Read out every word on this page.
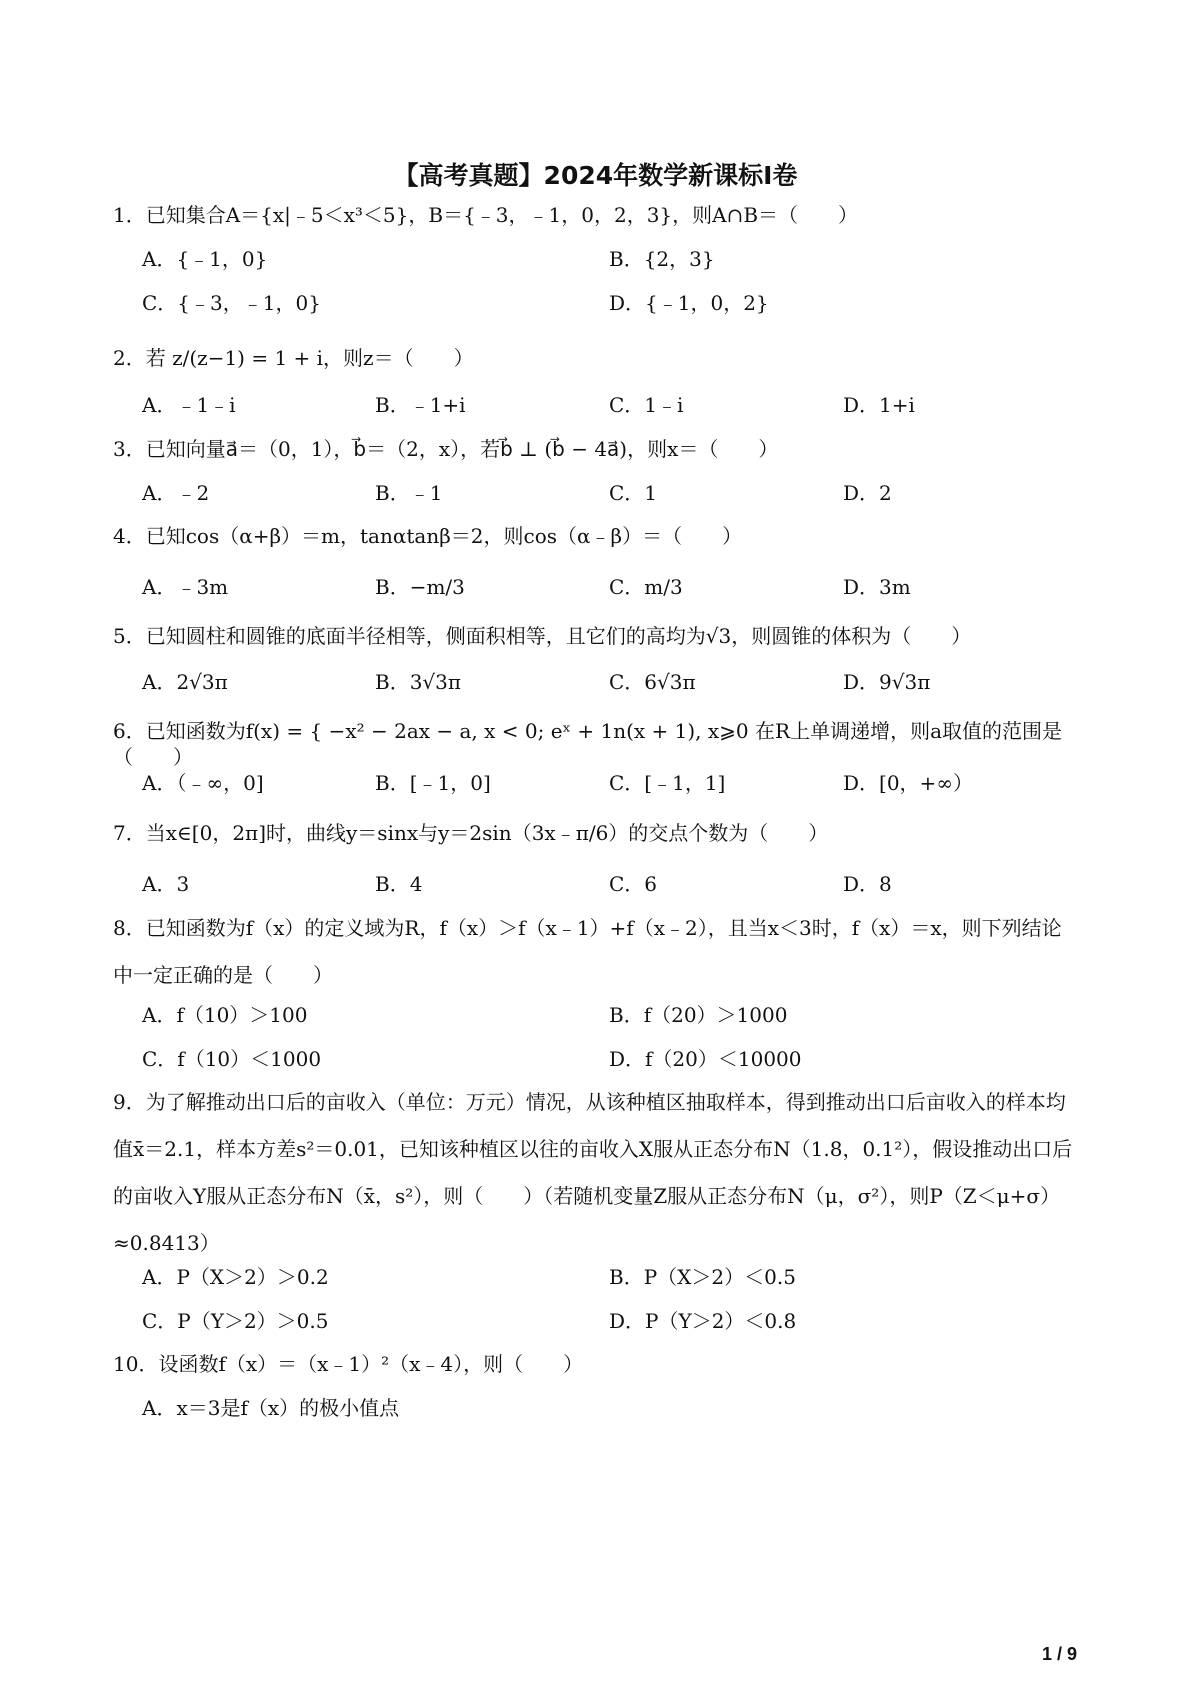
【高考真题】2024年数学新课标Ⅰ卷
1．已知集合A＝{x|﹣5＜x³＜5}，B＝{﹣3，﹣1，0，2，3}，则A∩B＝（　　）
A．{﹣1，0}	B．{2，3}
C．{﹣3，﹣1，0}	D．{﹣1，0，2}
2．若 z/(z−1) = 1 + i，则z＝（　　）
A．﹣1﹣i	B．﹣1+i	C．1﹣i	D．1+i
3．已知向量a⃗＝（0，1），b⃗＝（2，x），若b⃗ ⊥ (b⃗ − 4a⃗)，则x＝（　　）
A．﹣2	B．﹣1	C．1	D．2
4．已知cos（α+β）＝m，tanαtanβ＝2，则cos（α﹣β）＝（　　）
A．﹣3m	B．−m/3	C．m/3	D．3m
5．已知圆柱和圆锥的底面半径相等，侧面积相等，且它们的高均为√3，则圆锥的体积为（　　）
A．2√3π	B．3√3π	C．6√3π	D．9√3π
6．已知函数为f(x) = { −x² − 2ax − a, x < 0; eˣ + 1n(x + 1), x⩾0 在R上单调递增，则a取值的范围是（　　）
A．（﹣∞，0]	B．[﹣1，0]	C．[﹣1，1]	D．[0，+∞）
7．当x∈[0，2π]时，曲线y＝sinx与y＝2sin（3x﹣π/6）的交点个数为（　　）
A．3	B．4	C．6	D．8
8．已知函数为f（x）的定义域为R，f（x）＞f（x﹣1）+f（x﹣2），且当x＜3时，f（x）＝x，则下列结论中一定正确的是（　　）
A．f（10）＞100	B．f（20）＞1000
C．f（10）＜1000	D．f（20）＜10000
9．为了解推动出口后的亩收入（单位：万元）情况，从该种植区抽取样本，得到推动出口后亩收入的样本均值x̄＝2.1，样本方差s²＝0.01，已知该种植区以往的亩收入X服从正态分布N（1.8，0.1²），假设推动出口后的亩收入Y服从正态分布N（x̄，s²），则（　　）（若随机变量Z服从正态分布N（μ，σ²），则P（Z＜μ+σ）≈0.8413）
A．P（X＞2）＞0.2	B．P（X＞2）＜0.5
C．P（Y＞2）＞0.5	D．P（Y＞2）＜0.8
10．设函数f（x）＝（x﹣1）²（x﹣4），则（　　）
A．x＝3是f（x）的极小值点
1 / 9
